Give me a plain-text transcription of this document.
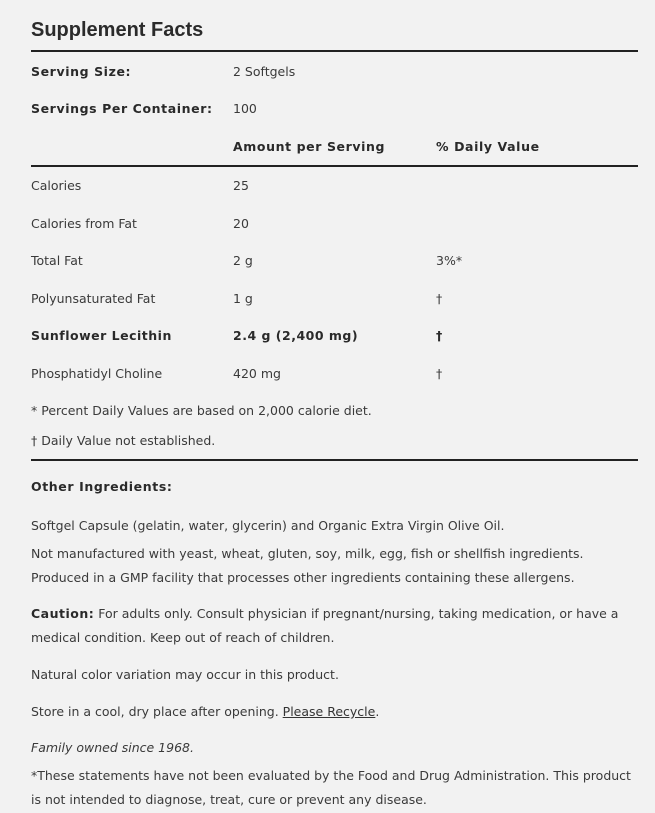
Supplement Facts
Serving Size:	2 Softgels
Servings Per Container: 100
Amount per Serving	% Daily Value
Calories	25
Calories from Fat	20
Total Fat	2 g	3%*
Polyunsaturated Fat	1 g	†
Sunflower Lecithin	2.4 g (2,400 mg)	†
Phosphatidyl Choline	420 mg	†
* Percent Daily Values are based on 2,000 calorie diet.
† Daily Value not established.
Other Ingredients:
Softgel Capsule (gelatin, water, glycerin) and Organic Extra Virgin Olive Oil.
Not manufactured with yeast, wheat, gluten, soy, milk, egg, fish or shellfish ingredients. Produced in a GMP facility that processes other ingredients containing these allergens.
Caution: For adults only. Consult physician if pregnant/nursing, taking medication, or have a medical condition. Keep out of reach of children.
Natural color variation may occur in this product.
Store in a cool, dry place after opening. Please Recycle.
Family owned since 1968.
*These statements have not been evaluated by the Food and Drug Administration. This product is not intended to diagnose, treat, cure or prevent any disease.
